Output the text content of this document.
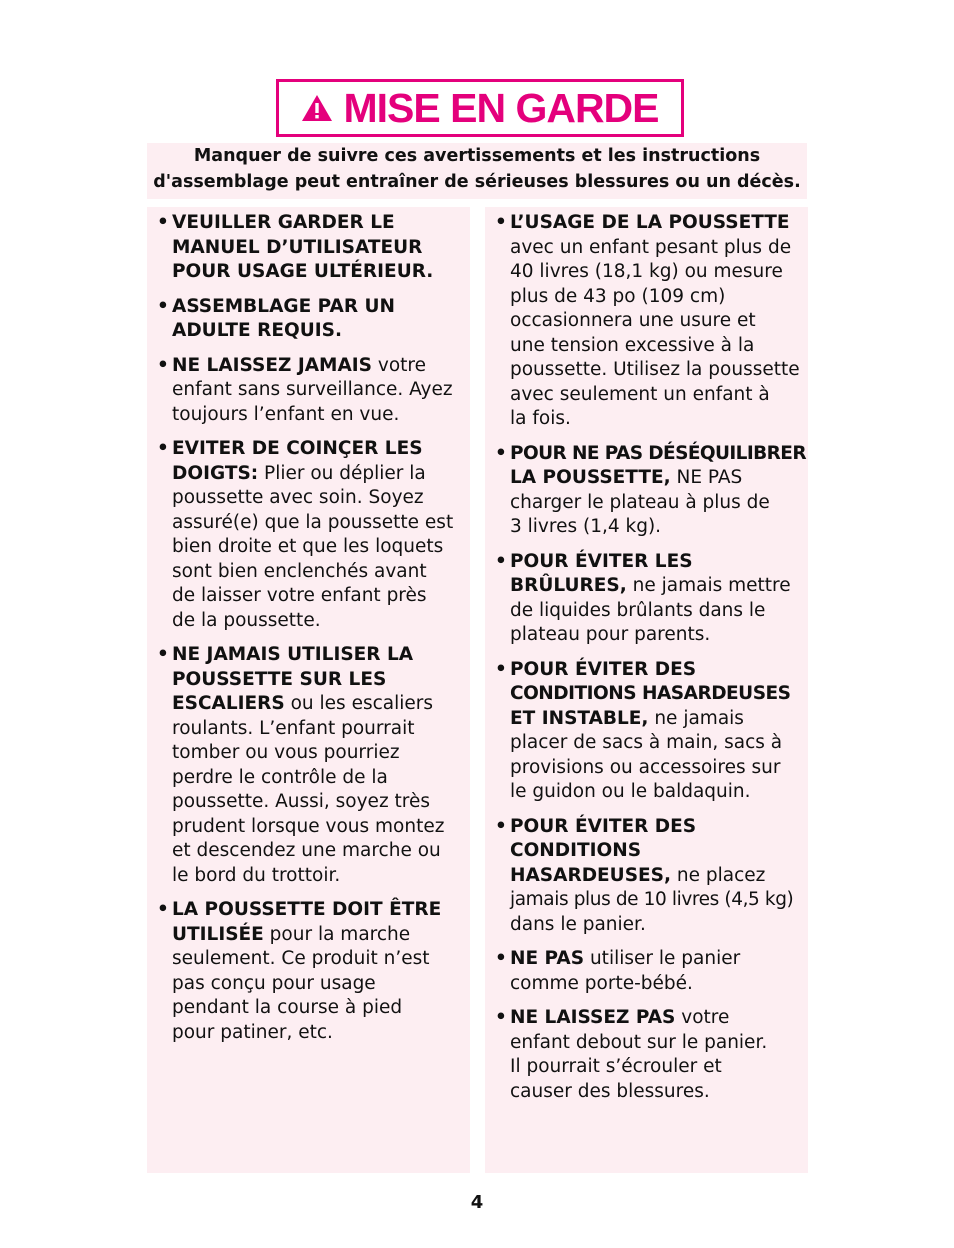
MISE EN GARDE
Manquer de suivre ces avertissements et les instructions
d'assemblage peut entraîner de sérieuses blessures ou un décès.
• VEUILLER GARDER LE
MANUEL D’UTILISATEUR
POUR USAGE ULTÉRIEUR.
• ASSEMBLAGE PAR UN
ADULTE REQUIS.
• NE LAISSEZ JAMAIS votre
enfant sans surveillance. Ayez
toujours l’enfant en vue.
• EVITER DE COINÇER LES
DOIGTS: Plier ou déplier la
poussette avec soin. Soyez
assuré(e) que la poussette est
bien droite et que les loquets
sont bien enclenchés avant
de laisser votre enfant près
de la poussette.
• NE JAMAIS UTILISER LA
POUSSETTE SUR LES
ESCALIERS ou les escaliers
roulants. L’enfant pourrait
tomber ou vous pourriez
perdre le contrôle de la
poussette. Aussi, soyez très
prudent lorsque vous montez
et descendez une marche ou
le bord du trottoir.
• LA POUSSETTE DOIT ÊTRE
UTILISÉE pour la marche
seulement. Ce produit n’est
pas conçu pour usage
pendant la course à pied
pour patiner, etc.
• L’USAGE DE LA POUSSETTE
avec un enfant pesant plus de
40 livres (18,1 kg) ou mesure
plus de 43 po (109 cm)
occasionnera une usure et
une tension excessive à la
poussette. Utilisez la poussette
avec seulement un enfant à
la fois.
• POUR NE PAS DÉSÉQUILIBRER
LA POUSSETTE, NE PAS
charger le plateau à plus de
3 livres (1,4 kg).
• POUR ÉVITER LES
BRÛLURES, ne jamais mettre
de liquides brûlants dans le
plateau pour parents.
• POUR ÉVITER DES
CONDITIONS HASARDEUSES
ET INSTABLE, ne jamais
placer de sacs à main, sacs à
provisions ou accessoires sur
le guidon ou le baldaquin.
• POUR ÉVITER DES
CONDITIONS
HASARDEUSES, ne placez
jamais plus de 10 livres (4,5 kg)
dans le panier.
• NE PAS utiliser le panier
comme porte-bébé.
• NE LAISSEZ PAS votre
enfant debout sur le panier.
Il pourrait s’écrouler et
causer des blessures.
4
